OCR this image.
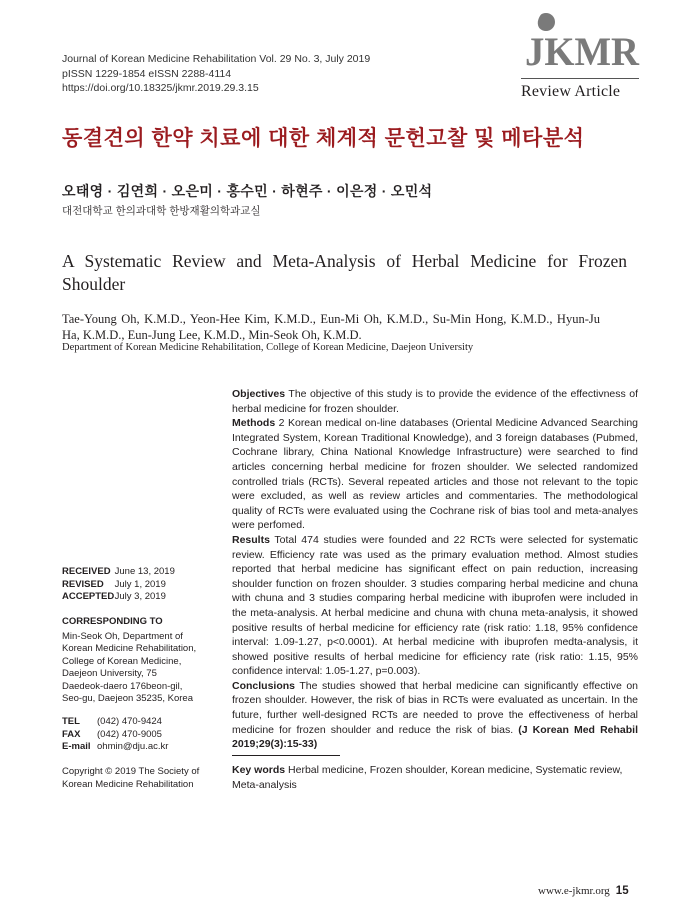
Journal of Korean Medicine Rehabilitation Vol. 29 No. 3, July 2019
pISSN 1229-1854 eISSN 2288-4114
https://doi.org/10.18325/jkmr.2019.29.3.15
JKMR
Review Article
동결견의 한약 치료에 대한 체계적 문헌고찰 및 메타분석
오태영 · 김연희 · 오은미 · 홍수민 · 하현주 · 이은정 · 오민석
대전대학교 한의과대학 한방재활의학과교실
A Systematic Review and Meta-Analysis of Herbal Medicine for Frozen Shoulder
Tae-Young Oh, K.M.D., Yeon-Hee Kim, K.M.D., Eun-Mi Oh, K.M.D., Su-Min Hong, K.M.D., Hyun-Ju Ha, K.M.D., Eun-Jung Lee, K.M.D., Min-Seok Oh, K.M.D.
Department of Korean Medicine Rehabilitation, College of Korean Medicine, Daejeon University

Objectives The objective of this study is to provide the evidence of the effectivness of herbal medicine for frozen shoulder.

Methods 2 Korean medical on-line databases (Oriental Medicine Advanced Searching Integrated System, Korean Traditional Knowledge), and 3 foreign databases (Pubmed, Cochrane library, China National Knowledge Infrastructure) were searched to find articles concerning herbal medicine for frozen shoulder. We selected randomized controlled trials (RCTs). Several repeated articles and those not relevant to the topic were excluded, as well as review articles and commentaries. The methodological quality of RCTs were evaluated using the Cochrane risk of bias tool and meta-analyes were perfomed.

Results Total 474 studies were founded and 22 RCTs were selected for systematic review. Efficiency rate was used as the primary evaluation method. Almost studies reported that herbal medicine has significant effect on pain reduction, increasing shoulder function on frozen shoulder. 3 studies comparing herbal medicine and chuna with chuna and 3 studies comparing herbal medicine with ibuprofen were included in the meta-analysis. At herbal medicine and chuna with chuna meta-analysis, it showed positive results of herbal medicine for efficiency rate (risk ratio: 1.18, 95% confidence interval: 1.09-1.27, p<0.0001). At herbal medicine with ibuprofen medta-analysis, it showed positive results of herbal medicine for efficiency rate (risk ratio: 1.15, 95% confidence interval: 1.05-1.27, p=0.003).

Conclusions The studies showed that herbal medicine can significantly effective on frozen shoulder. However, the risk of bias in RCTs were evaluated as uncertain. In the future, further well-designed RCTs are needed to prove the effectiveness of herbal medicine for frozen shoulder and reduce the risk of bias. (J Korean Med Rehabil 2019;29(3):15-33)

RECEIVED June 13, 2019
REVISED July 1, 2019
ACCEPTED July 3, 2019
CORRESPONDING TO
Min-Seok Oh, Department of
Korean Medicine Rehabilitation,
College of Korean Medicine,
Daejeon University, 75
Daedeok-daero 176beon-gil,
Seo-gu, Daejeon 35235, Korea
TEL (042) 470-9424
FAX (042) 470-9005
E-mail ohmin@dju.ac.kr
Copyright © 2019 The Society of Korean Medicine Rehabilitation
Key words Herbal medicine, Frozen shoulder, Korean medicine, Systematic review, Meta-analysis
www.e-jkmr.org 15
